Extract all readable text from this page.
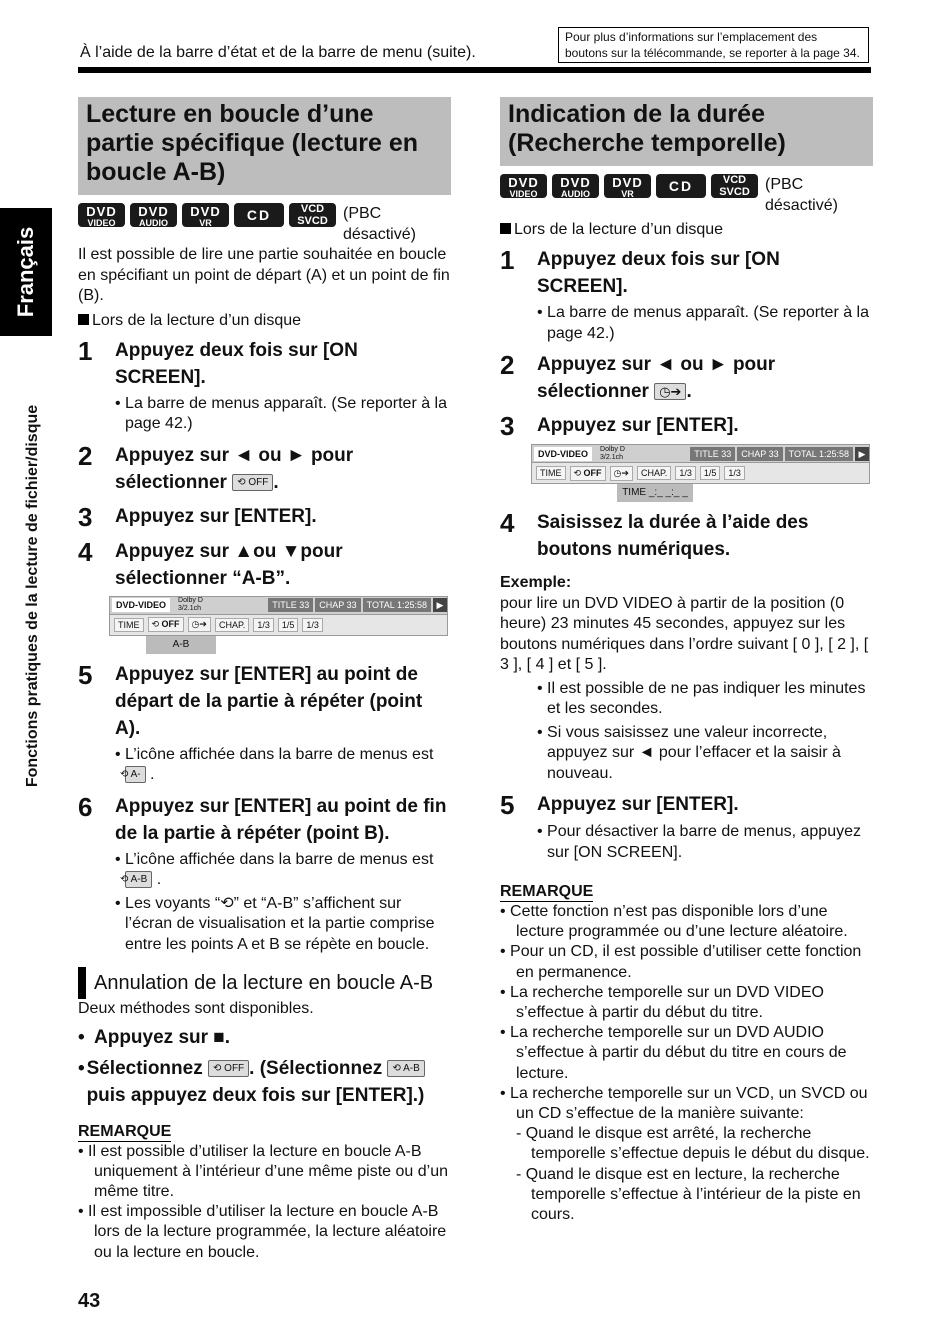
À l’aide de la barre d’état et de la barre de menu (suite).
Pour plus d’informations sur l’emplacement des boutons sur la télécommande, se reporter à la page 34.
Français
Fonctions pratiques de la lecture de fichier/disque
Lecture en boucle d’une partie spécifique (lecture en boucle A-B)
DVD
VIDEO
DVD
AUDIO
DVD
VR	CD	VCD
SVCD (PBC désactivé)

Il est possible de lire une partie souhaitée en boucle en spécifiant un point de départ (A) et un point de fin (B).

Lors de la lecture d’un disque
1	Appuyez deux fois sur [ON SCREEN].
• La barre de menus apparaît. (Se reporter à la page 42.)
2	Appuyez sur ◄ ou ► pour sélectionner ⟲ OFF .
3	Appuyez sur [ENTER].
4	Appuyez sur ▲ou ▼pour sélectionner “A-B”.
DVD-VIDEO	Dolby D
3/2.1ch	TITLE 33	CHAP 33	TOTAL 1:25:58	▶
TIME	⟲ OFF	◷➔	CHAP.	1/3	1/5	1/3
A-B
5	Appuyez sur [ENTER] au point de départ de la partie à répéter (point A).
• L’icône affichée dans la barre de menus est
⟲ A- .
6	Appuyez sur [ENTER] au point de fin de la partie à répéter (point B).
• L’icône affichée dans la barre de menus est
⟲ A-B .
• Les voyants “⟲” et “A-B” s’affichent sur l’écran de visualisation et la partie comprise entre les points A et B se répète en boucle.
Annulation de la lecture en boucle A-B

Deux méthodes sont disponibles.

• Appuyez sur ■.
• Sélectionnez ⟲ OFF . (Sélectionnez ⟲ A-B puis appuyez deux fois sur [ENTER].)
REMARQUE
• Il est possible d’utiliser la lecture en boucle A-B uniquement à l’intérieur d’une même piste ou d’un même titre.
• Il est impossible d’utiliser la lecture en boucle A-B lors de la lecture programmée, la lecture aléatoire ou la lecture en boucle.
Indication de la durée (Recherche temporelle)
DVD
VIDEO
DVD
AUDIO
DVD
VR	CD	VCD
SVCD (PBC désactivé)
Lors de la lecture d’un disque
1	Appuyez deux fois sur [ON SCREEN].
• La barre de menus apparaît. (Se reporter à la page 42.)
2	Appuyez sur ◄ ou ► pour sélectionner ◷➔ .
3	Appuyez sur [ENTER].
DVD-VIDEO	Dolby D
3/2.1ch	TITLE 33	CHAP 33	TOTAL 1:25:58	▶
TIME	⟲ OFF	◷➔	CHAP.	1/3	1/5	1/3
TIME _:_ _:_ _
4	Saisissez la durée à l’aide des boutons numériques.

Exemple:

pour lire un DVD VIDEO à partir de la position (0 heure) 23 minutes 45 secondes, appuyez sur les boutons numériques dans l’ordre suivant [ 0 ], [ 2 ], [ 3 ], [ 4 ] et [ 5 ].

• Il est possible de ne pas indiquer les minutes et les secondes.
• Si vous saisissez une valeur incorrecte, appuyez sur ◄ pour l’effacer et la saisir à nouveau.
5	Appuyez sur [ENTER].
• Pour désactiver la barre de menus, appuyez sur [ON SCREEN].
REMARQUE
• Cette fonction n’est pas disponible lors d’une lecture programmée ou d’une lecture aléatoire.
• Pour un CD, il est possible d’utiliser cette fonction en permanence.
• La recherche temporelle sur un DVD VIDEO s’effectue à partir du début du titre.
• La recherche temporelle sur un DVD AUDIO s’effectue à partir du début du titre en cours de lecture.
• La recherche temporelle sur un VCD, un SVCD ou un CD s’effectue de la manière suivante:
- Quand le disque est arrêté, la recherche temporelle s’effectue depuis le début du disque.
- Quand le disque est en lecture, la recherche temporelle s’effectue à l’intérieur de la piste en cours.
43
